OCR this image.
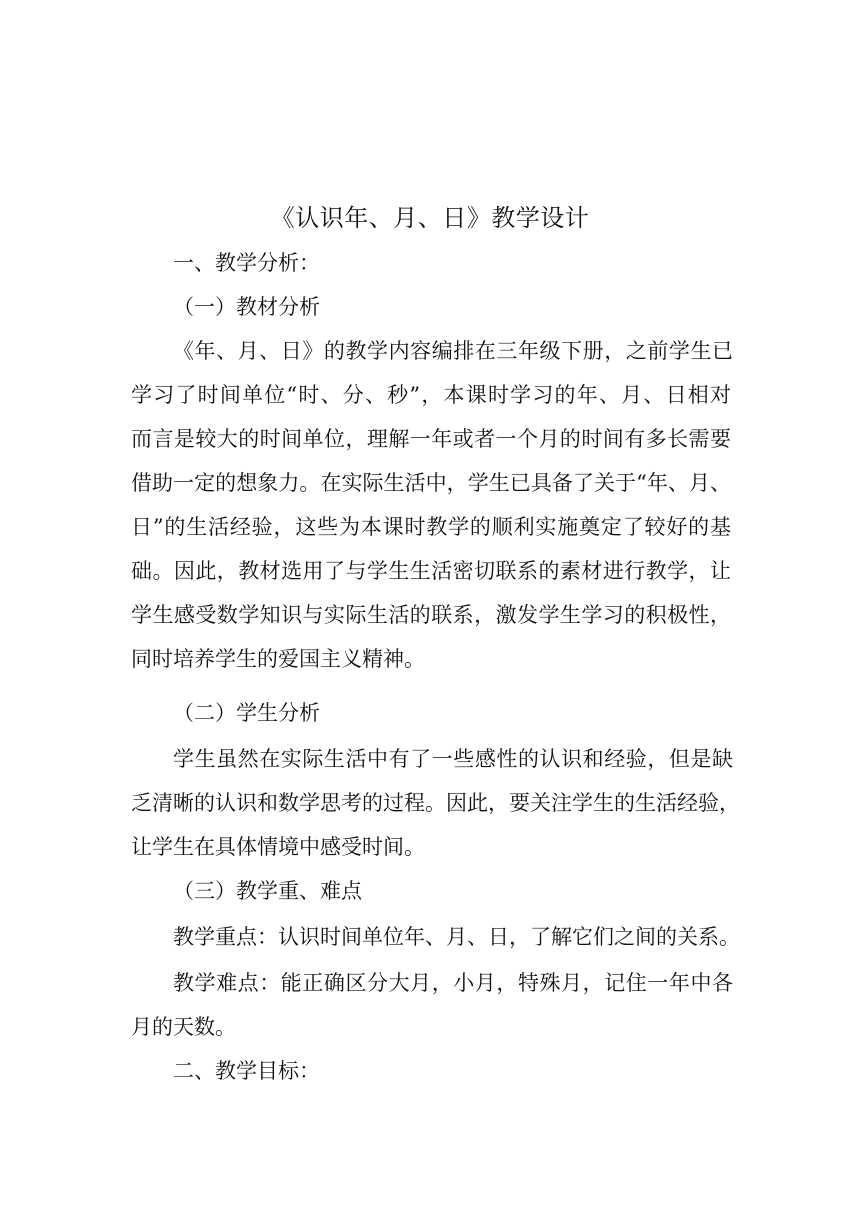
《认识年、月、日》教学设计
一、教学分析：
（一）教材分析
《年、月、日》的教学内容编排在三年级下册，之前学生已
学习了时间单位“时、分、秒”，本课时学习的年、月、日相对
而言是较大的时间单位，理解一年或者一个月的时间有多长需要
借助一定的想象力。在实际生活中，学生已具备了关于“年、月、
日”的生活经验，这些为本课时教学的顺利实施奠定了较好的基
础。因此，教材选用了与学生生活密切联系的素材进行教学，让
学生感受数学知识与实际生活的联系，激发学生学习的积极性，
同时培养学生的爱国主义精神。
（二）学生分析
学生虽然在实际生活中有了一些感性的认识和经验，但是缺
乏清晰的认识和数学思考的过程。因此，要关注学生的生活经验，
让学生在具体情境中感受时间。
（三）教学重、难点
教学重点：认识时间单位年、月、日，了解它们之间的关系。
教学难点：能正确区分大月，小月，特殊月，记住一年中各
月的天数。
二、教学目标：
